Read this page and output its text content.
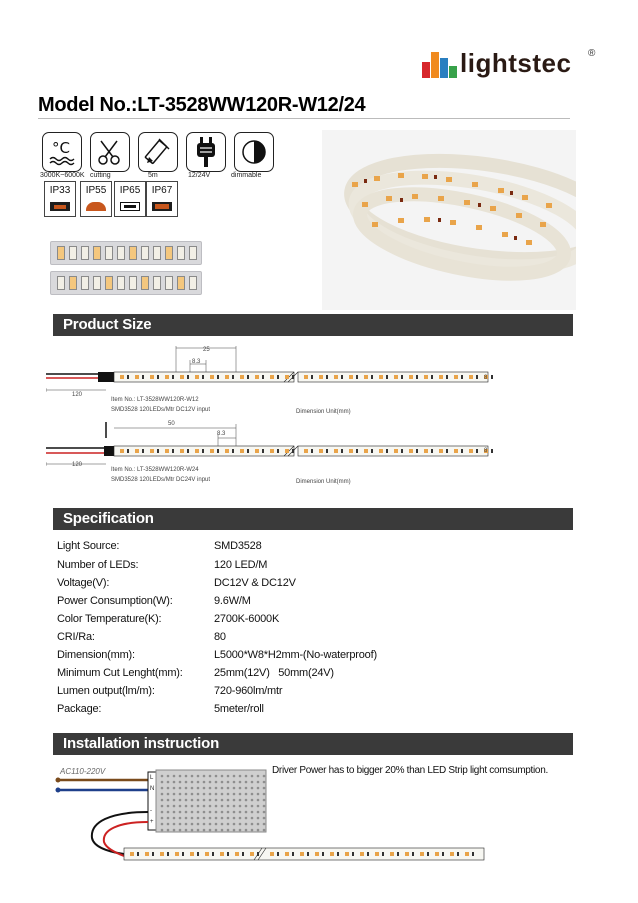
lightstec ®
Model No.:LT-3528WW120R-W12/24
°C
3000K~6000K cutting	5m	12/24V	dimmable
IP33	IP55	IP65	IP67
Product Size
25
8.3
120
8
Item No.: LT-3528WW120R-W12
SMD3528 120LEDs/Mtr DC12V input	Dimension Unit(mm)
50
8.3
120
8
Item No.: LT-3528WW120R-W24
SMD3528 120LEDs/Mtr DC24V input	Dimension Unit(mm)
Specification
Light Source:	SMD3528
Number of LEDs:	120 LED/M
Voltage(V):	DC12V & DC12V
Power Consumption(W):	9.6W/M
Color Temperature(K):	2700K-6000K
CRI/Ra:	80
Dimension(mm):	L5000*W8*H2mm-(No-waterproof)
Minimum Cut Lenght(mm):	25mm(12V)   50mm(24V)
Lumen output(lm/m):	720-960lm/mtr
Package:	5meter/roll
Installation instruction
AC110-220V	Driver Power has to bigger 20% than LED Strip light comsumption.
L
N
-
+
